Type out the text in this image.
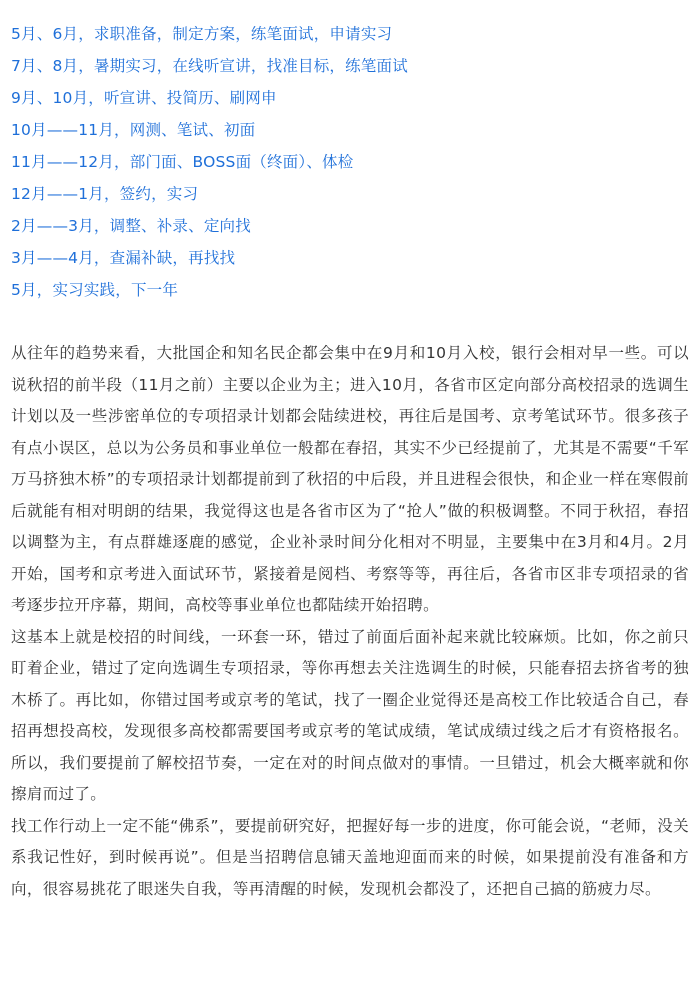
5月、6月，求职准备，制定方案，练笔面试，申请实习
7月、8月，暑期实习，在线听宣讲，找准目标，练笔面试
9月、10月，听宣讲、投简历、刷网申
10月——11月，网测、笔试、初面
11月——12月，部门面、BOSS面（终面）、体检
12月——1月，签约，实习
2月——3月，调整、补录、定向找
3月——4月，查漏补缺，再找找
5月，实习实践，下一年

从往年的趋势来看，大批国企和知名民企都会集中在9月和10月入校，银行会相对早一些。可以说秋招的前半段（11月之前）主要以企业为主；进入10月，各省市区定向部分高校招录的选调生计划以及一些涉密单位的专项招录计划都会陆续进校，再往后是国考、京考笔试环节。很多孩子有点小误区，总以为公务员和事业单位一般都在春招，其实不少已经提前了，尤其是不需要“千军万马挤独木桥”的专项招录计划都提前到了秋招的中后段，并且进程会很快，和企业一样在寒假前后就能有相对明朗的结果，我觉得这也是各省市区为了“抢人”做的积极调整。不同于秋招，春招以调整为主，有点群雄逐鹿的感觉，企业补录时间分化相对不明显，主要集中在3月和4月。2月开始，国考和京考进入面试环节，紧接着是阅档、考察等等，再往后，各省市区非专项招录的省考逐步拉开序幕，期间，高校等事业单位也都陆续开始招聘。

这基本上就是校招的时间线，一环套一环，错过了前面后面补起来就比较麻烦。比如，你之前只盯着企业，错过了定向选调生专项招录，等你再想去关注选调生的时候，只能春招去挤省考的独木桥了。再比如，你错过国考或京考的笔试，找了一圈企业觉得还是高校工作比较适合自己，春招再想投高校，发现很多高校都需要国考或京考的笔试成绩，笔试成绩过线之后才有资格报名。所以，我们要提前了解校招节奏，一定在对的时间点做对的事情。一旦错过，机会大概率就和你擦肩而过了。

找工作行动上一定不能“佛系”，要提前研究好，把握好每一步的进度，你可能会说，“老师，没关系我记性好，到时候再说”。但是当招聘信息铺天盖地迎面而来的时候，如果提前没有准备和方向，很容易挑花了眼迷失自我，等再清醒的时候，发现机会都没了，还把自己搞的筋疲力尽。
